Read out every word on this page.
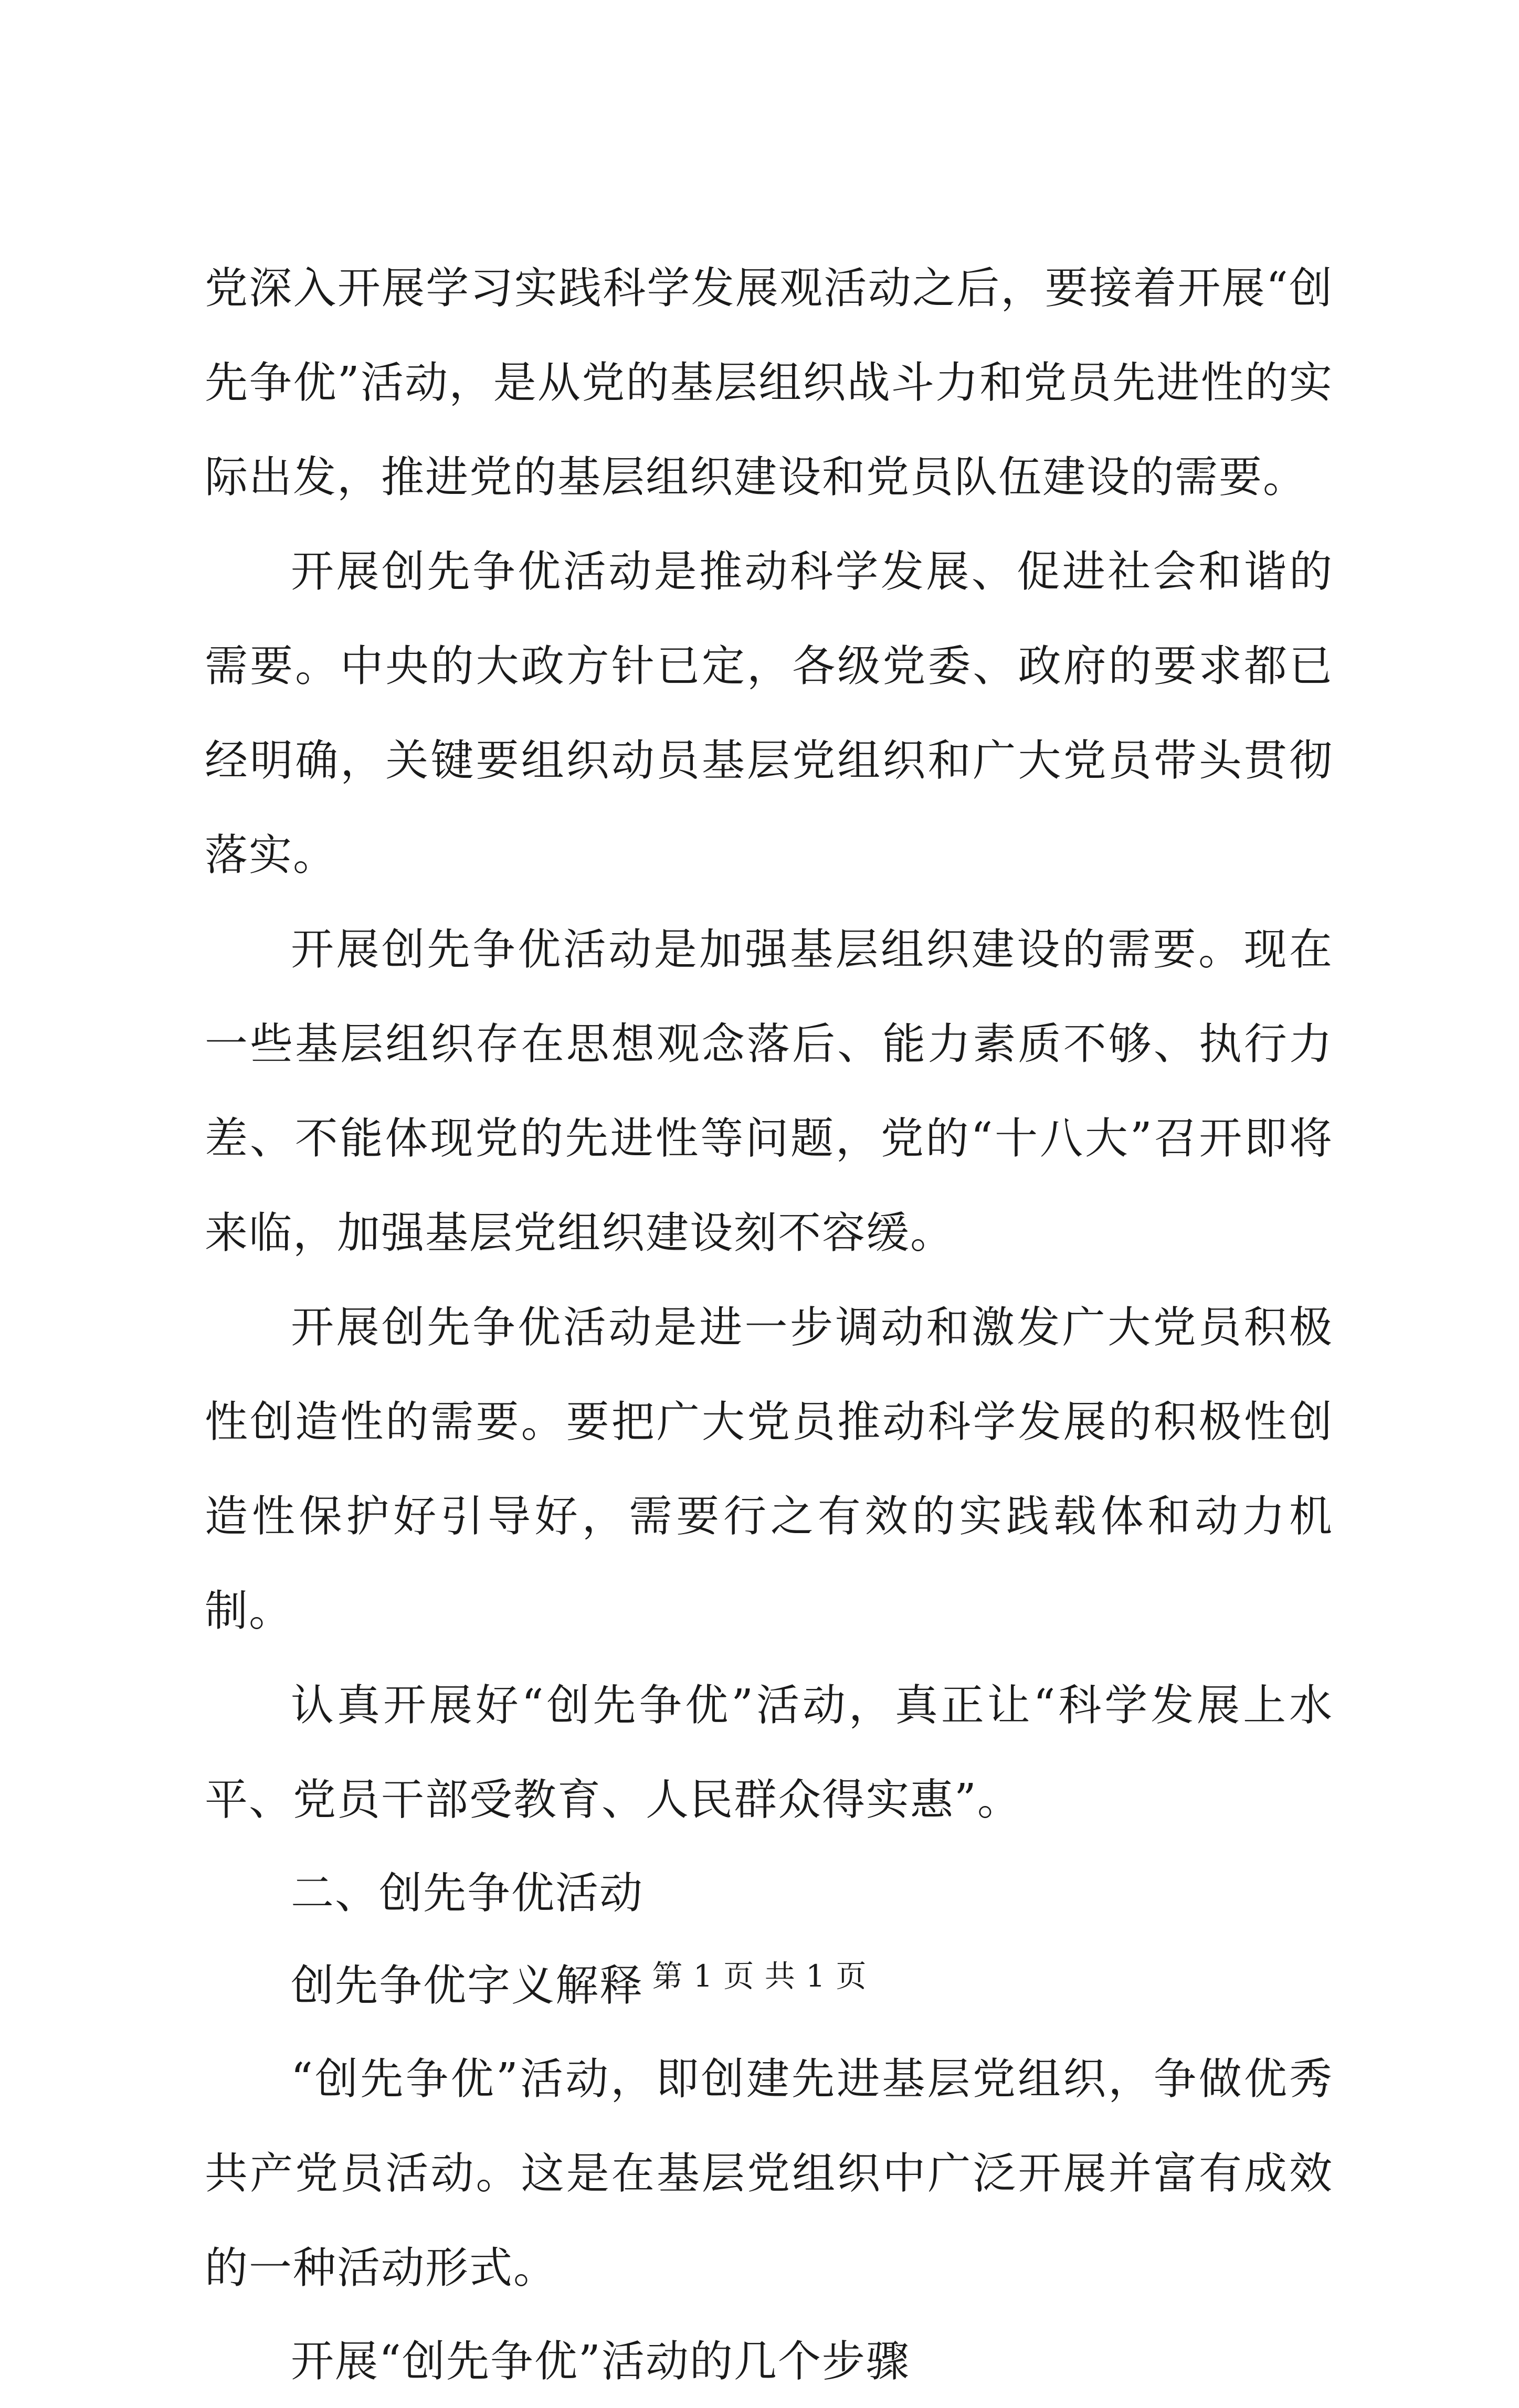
党深入开展学习实践科学发展观活动之后，要接着开展“创先争优”活动，是从党的基层组织战斗力和党员先进性的实际出发，推进党的基层组织建设和党员队伍建设的需要。

开展创先争优活动是推动科学发展、促进社会和谐的需要。中央的大政方针已定，各级党委、政府的要求都已经明确，关键要组织动员基层党组织和广大党员带头贯彻落实。

开展创先争优活动是加强基层组织建设的需要。现在一些基层组织存在思想观念落后、能力素质不够、执行力差、不能体现党的先进性等问题，党的“十八大”召开即将来临，加强基层党组织建设刻不容缓。

开展创先争优活动是进一步调动和激发广大党员积极性创造性的需要。要把广大党员推动科学发展的积极性创造性保护好引导好，需要行之有效的实践载体和动力机制。

认真开展好“创先争优”活动，真正让“科学发展上水平、党员干部受教育、人民群众得实惠”。

二、创先争优活动

创先争优字义解释

“创先争优”活动，即创建先进基层党组织，争做优秀共产党员活动。这是在基层党组织中广泛开展并富有成效的一种活动形式。

开展“创先争优”活动的几个步骤

第 1 页 共 1 页
